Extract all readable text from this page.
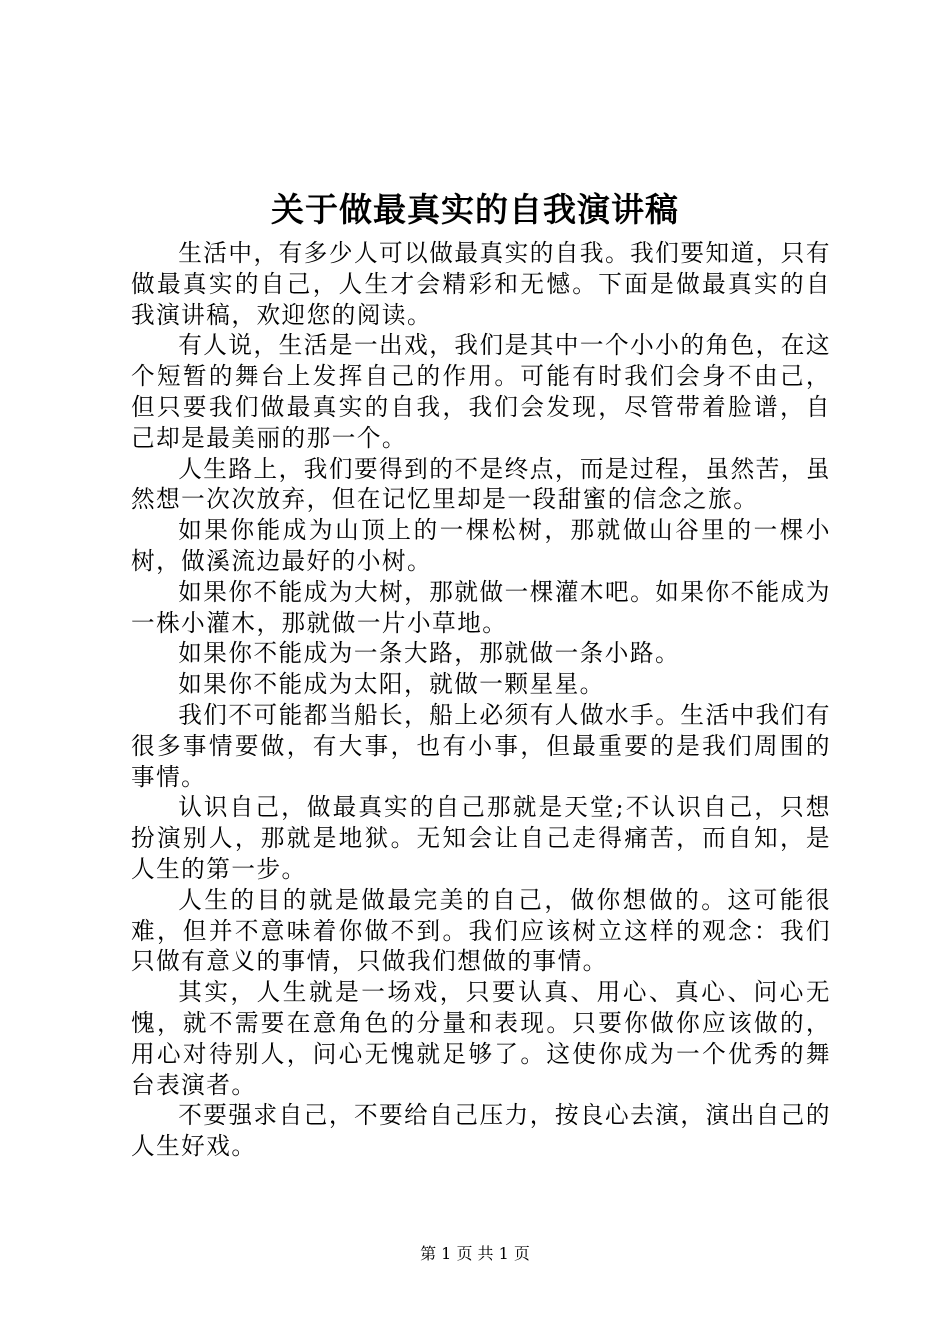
关于做最真实的自我演讲稿

生活中，有多少人可以做最真实的自我。我们要知道，只有做最真实的自己，人生才会精彩和无憾。下面是做最真实的自我演讲稿，欢迎您的阅读。

有人说，生活是一出戏，我们是其中一个小小的角色，在这个短暂的舞台上发挥自己的作用。可能有时我们会身不由己，但只要我们做最真实的自我，我们会发现，尽管带着脸谱，自己却是最美丽的那一个。

人生路上，我们要得到的不是终点，而是过程，虽然苦，虽然想一次次放弃，但在记忆里却是一段甜蜜的信念之旅。

如果你能成为山顶上的一棵松树，那就做山谷里的一棵小树，做溪流边最好的小树。

如果你不能成为大树，那就做一棵灌木吧。如果你不能成为一株小灌木，那就做一片小草地。

如果你不能成为一条大路，那就做一条小路。

如果你不能成为太阳，就做一颗星星。

我们不可能都当船长，船上必须有人做水手。生活中我们有很多事情要做，有大事，也有小事，但最重要的是我们周围的事情。

认识自己，做最真实的自己那就是天堂;不认识自己，只想扮演别人，那就是地狱。无知会让自己走得痛苦，而自知，是人生的第一步。

人生的目的就是做最完美的自己，做你想做的。这可能很难，但并不意味着你做不到。我们应该树立这样的观念：我们只做有意义的事情，只做我们想做的事情。

其实，人生就是一场戏，只要认真、用心、真心、问心无愧，就不需要在意角色的分量和表现。只要你做你应该做的，用心对待别人，问心无愧就足够了。这使你成为一个优秀的舞台表演者。

不要强求自己，不要给自己压力，按良心去演，演出自己的人生好戏。

第 1 页 共 1 页
